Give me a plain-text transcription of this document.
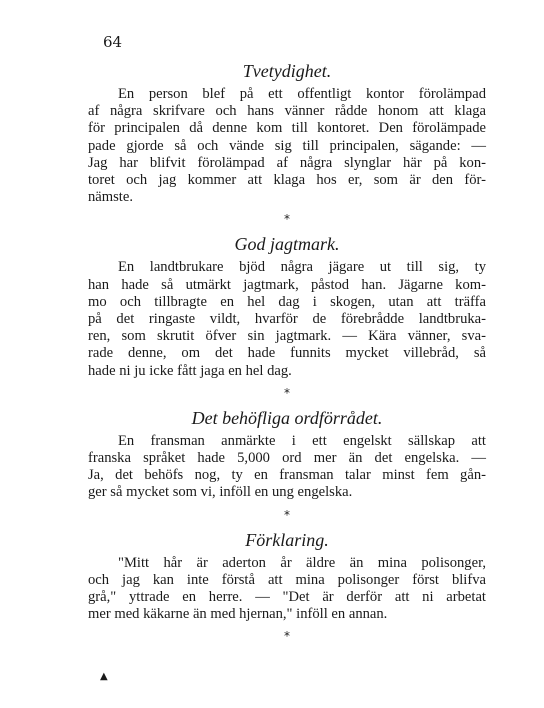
64
Tvetydighet.
En person blef på ett offentligt kontor förolämpad
af några skrifvare och hans vänner rådde honom att klaga
för principalen då denne kom till kontoret. Den förolämpade
pade gjorde så och vände sig till principalen, sägande: —
Jag har blifvit förolämpad af några slynglar här på kon-
toret och jag kommer att klaga hos er, som är den för-
nämste.
*
God jagtmark.
En landtbrukare bjöd några jägare ut till sig, ty
han hade så utmärkt jagtmark, påstod han. Jägarne kom-
mo och tillbragte en hel dag i skogen, utan att träffa
på det ringaste vildt, hvarför de förebrådde landtbruka-
ren, som skrutit öfver sin jagtmark. — Kära vänner, sva-
rade denne, om det hade funnits mycket villebråd, så
hade ni ju icke fått jaga en hel dag.
*
Det behöfliga ordförrådet.
En fransman anmärkte i ett engelskt sällskap att
franska språket hade 5,000 ord mer än det engelska. —
Ja, det behöfs nog, ty en fransman talar minst fem gån-
ger så mycket som vi, inföll en ung engelska.
*
Förklaring.
"Mitt hår är aderton år äldre än mina polisonger,
och jag kan inte förstå att mina polisonger först blifva
grå," yttrade en herre. — "Det är derför att ni arbetat
mer med käkarne än med hjernan," inföll en annan.
*
▲
